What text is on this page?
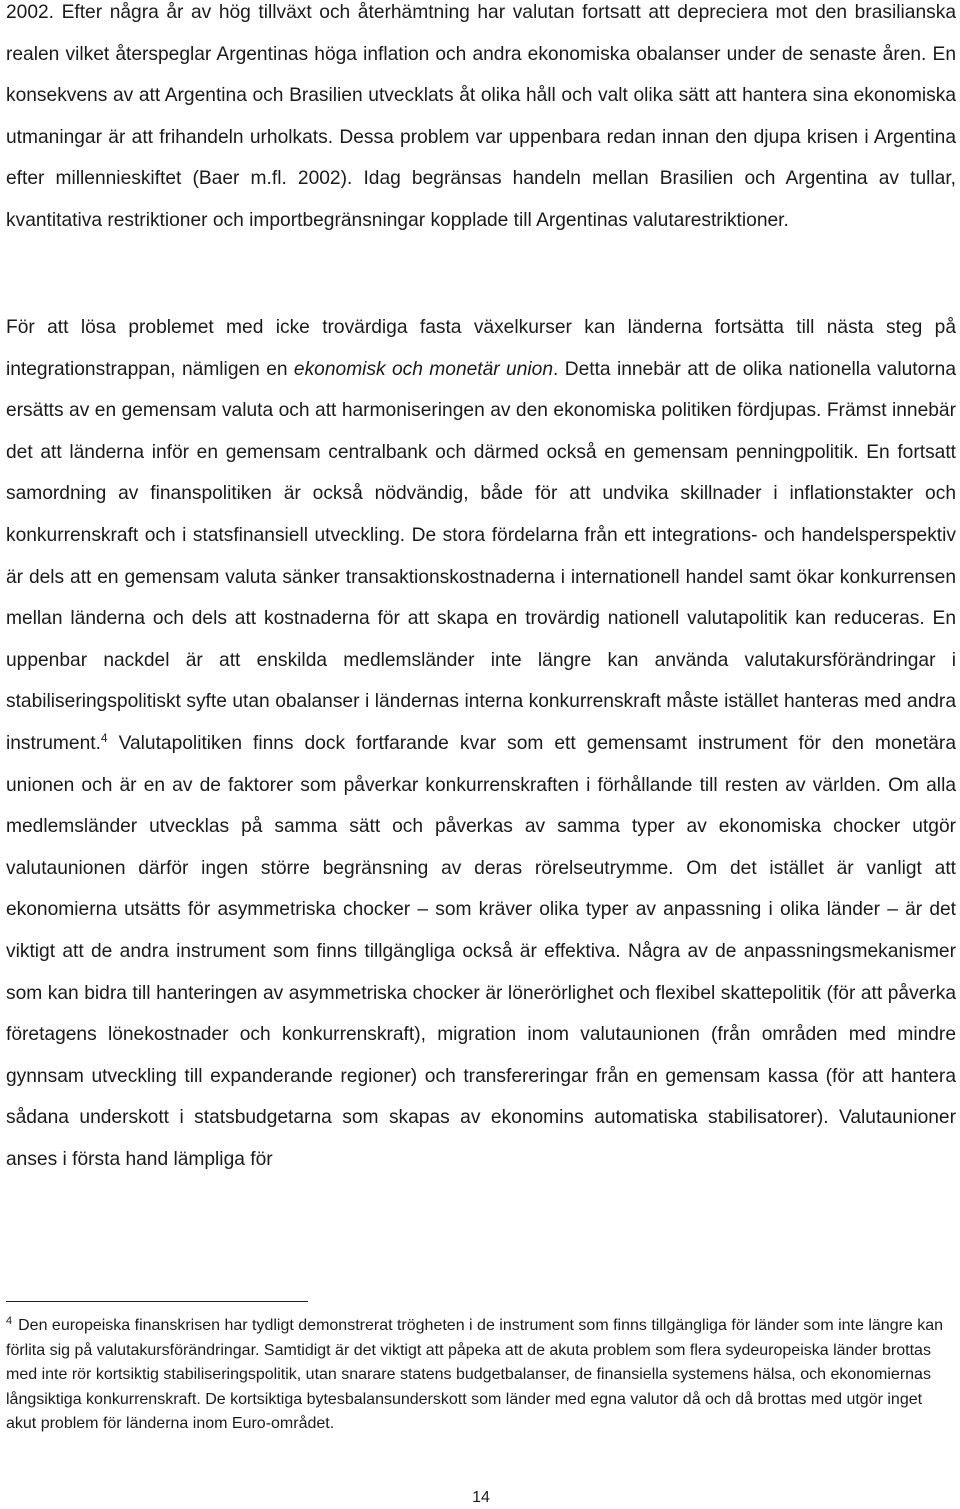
2002. Efter några år av hög tillväxt och återhämtning har valutan fortsatt att depreciera mot den brasilianska realen vilket återspeglar Argentinas höga inflation och andra ekonomiska obalanser under de senaste åren. En konsekvens av att Argentina och Brasilien utvecklats åt olika håll och valt olika sätt att hantera sina ekonomiska utmaningar är att frihandeln urholkats. Dessa problem var uppenbara redan innan den djupa krisen i Argentina efter millennieskiftet (Baer m.fl. 2002). Idag begränsas handeln mellan Brasilien och Argentina av tullar, kvantitativa restriktioner och importbegränsningar kopplade till Argentinas valutarestriktioner.

För att lösa problemet med icke trovärdiga fasta växelkurser kan länderna fortsätta till nästa steg på integrationstrappan, nämligen en ekonomisk och monetär union. Detta innebär att de olika nationella valutorna ersätts av en gemensam valuta och att harmoniseringen av den ekonomiska politiken fördjupas. Främst innebär det att länderna inför en gemensam centralbank och därmed också en gemensam penningpolitik. En fortsatt samordning av finanspolitiken är också nödvändig, både för att undvika skillnader i inflationstakter och konkurrenskraft och i statsfinansiell utveckling. De stora fördelarna från ett integrations- och handelsperspektiv är dels att en gemensam valuta sänker transaktionskostnaderna i internationell handel samt ökar konkurrensen mellan länderna och dels att kostnaderna för att skapa en trovärdig nationell valutapolitik kan reduceras. En uppenbar nackdel är att enskilda medlemsländer inte längre kan använda valutakursförändringar i stabiliseringspolitiskt syfte utan obalanser i ländernas interna konkurrenskraft måste istället hanteras med andra instrument.$^4$ Valutapolitiken finns dock fortfarande kvar som ett gemensamt instrument för den monetära unionen och är en av de faktorer som påverkar konkurrenskraften i förhållande till resten av världen. Om alla medlemsländer utvecklas på samma sätt och påverkas av samma typer av ekonomiska chocker utgör valutaunionen därför ingen större begränsning av deras rörelseutrymme. Om det istället är vanligt att ekonomierna utsätts för asymmetriska chocker – som kräver olika typer av anpassning i olika länder – är det viktigt att de andra instrument som finns tillgängliga också är effektiva. Några av de anpassningsmekanismer som kan bidra till hanteringen av asymmetriska chocker är lönerörlighet och flexibel skattepolitik (för att påverka företagens lönekostnader och konkurrenskraft), migration inom valutaunionen (från områden med mindre gynnsam utveckling till expanderande regioner) och transfereringar från en gemensam kassa (för att hantera sådana underskott i statsbudgetarna som skapas av ekonomins automatiska stabilisatorer). Valutaunioner anses i första hand lämpliga för

$^4$ Den europeiska finanskrisen har tydligt demonstrerat trögheten i de instrument som finns tillgängliga för länder som inte längre kan förlita sig på valutakursförändringar. Samtidigt är det viktigt att påpeka att de akuta problem som flera sydeuropeiska länder brottas med inte rör kortsiktig stabiliseringspolitik, utan snarare statens budgetbalanser, de finansiella systemens hälsa, och ekonomiernas långsiktiga konkurrenskraft. De kortsiktiga bytesbalansunderskott som länder med egna valutor då och då brottas med utgör inget akut problem för länderna inom Euro-området.

14
